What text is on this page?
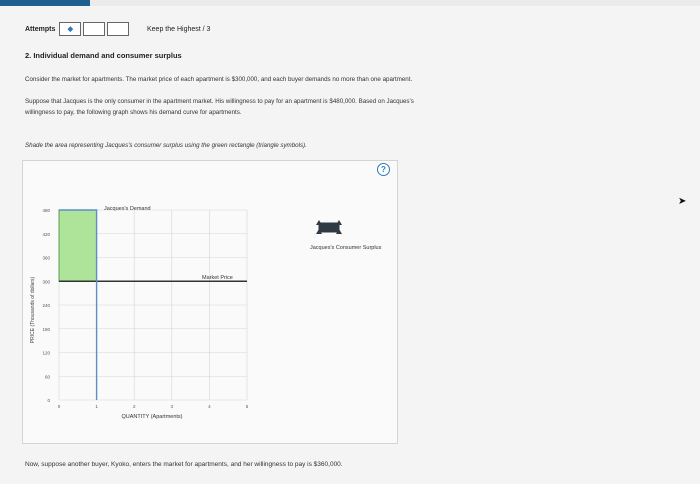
Attempts ◆	Keep the Highest / 3
2. Individual demand and consumer surplus
Consider the market for apartments. The market price of each apartment is $300,000, and each buyer demands no more than one apartment.
Suppose that Jacques is the only consumer in the apartment market. His willingness to pay for an apartment is $480,000. Based on Jacques's
willingness to pay, the following graph shows his demand curve for apartments.
Shade the area representing Jacques's consumer surplus using the green rectangle (triangle symbols).
?
0
60
120
180
240
300
360
420
480
0	1	2	3	4	5
PRICE (Thousands of dollars)
QUANTITY (Apartments)
Jacques's Demand
Market Price
Jacques's Consumer Surplus
Now, suppose another buyer, Kyoko, enters the market for apartments, and her willingness to pay is $360,000.
➤
